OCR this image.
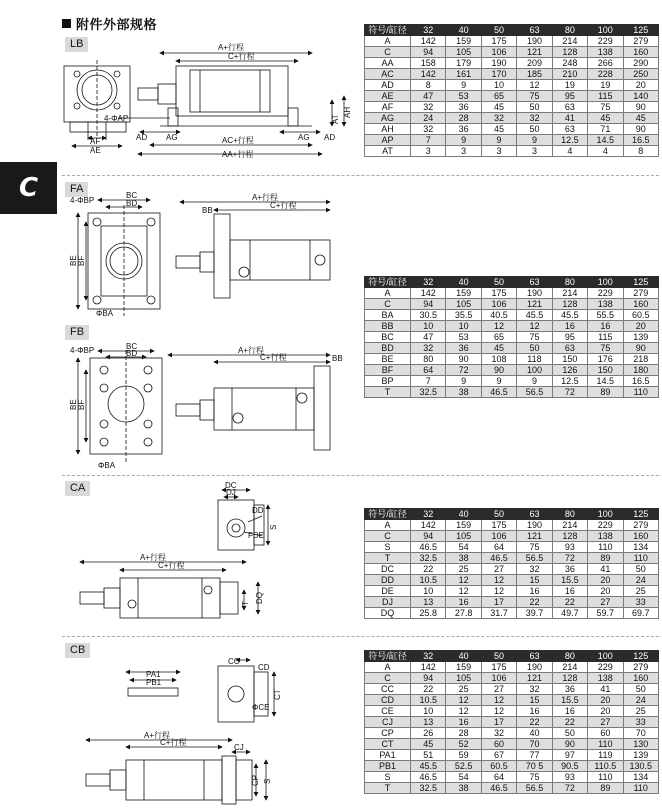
附件外部规格
C
LB
FA
FB
CA
CB
符号/缸径	32	40	50	63	80	100	125
A	142	159	175	190	214	229	279
C	94	105	106	121	128	138	160
AA	158	179	190	209	248	266	290
AC	142	161	170	185	210	228	250
AD	8	9	10	12	19	19	20
AE	47	53	65	75	95	115	140
AF	32	36	45	50	63	75	90
AG	24	28	32	32	41	45	45
AH	32	36	45	50	63	71	90
AP	7	9	9	9	12.5	14.5	16.5
AT	3	3	3	3	4	4	8
符号/缸径	32	40	50	63	80	100	125
A	142	159	175	190	214	229	279
C	94	105	106	121	128	138	160
BA	30.5	35.5	40.5	45.5	45.5	55.5	60.5
BB	10	10	12	12	16	16	20
BC	47	53	65	75	95	115	139
BD	32	36	45	50	63	75	90
BE	80	90	108	118	150	176	218
BF	64	72	90	100	126	150	180
BP	7	9	9	9	12.5	14.5	16.5
T	32.5	38	46.5	56.5	72	89	110
符号/缸径	32	40	50	63	80	100	125
A	142	159	175	190	214	229	279
C	94	105	106	121	128	138	160
S	46.5	54	64	75	93	110	134
T	32.5	38	46.5	56.5	72	89	110
DC	22	25	27	32	36	41	50
DD	10.5	12	12	15	15.5	20	24
DE	10	12	12	16	16	20	25
DJ	13	16	17	22	22	27	33
DQ	25.8	27.8	31.7	39.7	49.7	59.7	69.7
符号/缸径	32	40	50	63	80	100	125
A	142	159	175	190	214	229	279
C	94	105	106	121	128	138	160
CC	22	25	27	32	36	41	50
CD	10.5	12	12	15	15.5	20	24
CE	10	12	12	16	16	20	25
CJ	13	16	17	22	22	27	33
CP	26	28	32	40	50	60	70
CT	45	52	60	70	90	110	130
PA1	51	59	67	77	97	119	139
PB1	45.5	52.5	60.5	70 5	90.5	110.5	130.5
S	46.5	54	64	75	93	110	134
T	32.5	38	46.5	56.5	72	89	110
A+行程
C+行程
4-ΦAP
AF
AE
AD AG	AG AD
AC+行程
AA+行程
AT
AH
4-ΦBP
BC
BD
BE BF
ΦBA
BB
A+行程
C+行程
4-ΦBP	BC
BD
BE BF
ΦBA
BB
A+行程
C+行程
DC
DJ
DD
FDE
S
T DQ
A+行程
C+行程
PA1
PB1
CC
CD
ΦCE
CT
CP
CJ
S
A+行程
C+行程
